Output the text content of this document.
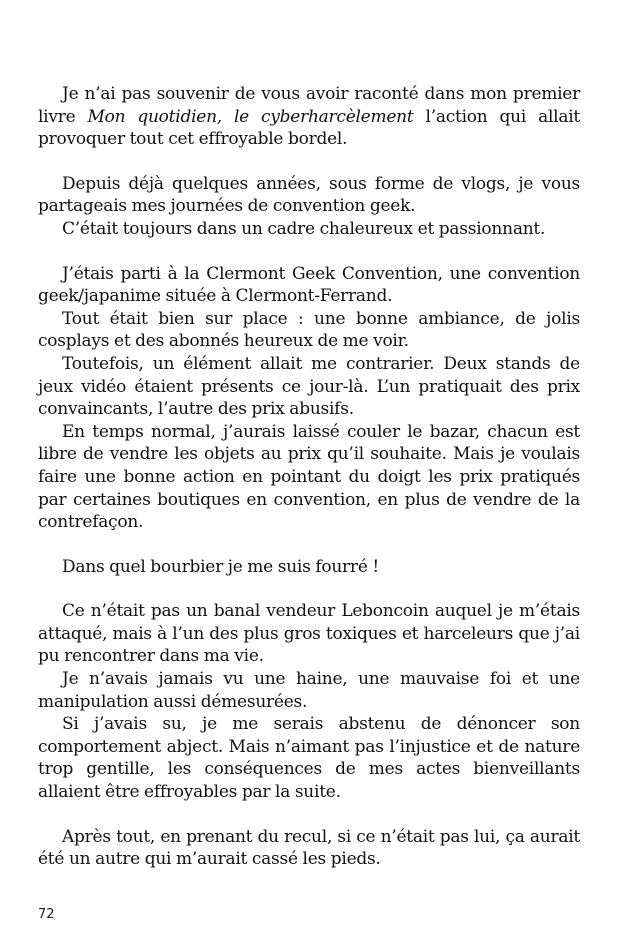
Je n’ai pas souvenir de vous avoir raconté dans mon premier livre Mon quotidien, le cyberharcèlement l’action qui allait provoquer tout cet effroyable bordel.

Depuis déjà quelques années, sous forme de vlogs, je vous partageais mes journées de convention geek.

C’était toujours dans un cadre chaleureux et passionnant.

J’étais parti à la Clermont Geek Convention, une convention geek/japanime située à Clermont-Ferrand.

Tout était bien sur place : une bonne ambiance, de jolis cosplays et des abonnés heureux de me voir.

Toutefois, un élément allait me contrarier. Deux stands de jeux vidéo étaient présents ce jour-là. L’un pratiquait des prix convaincants, l’autre des prix abusifs.

En temps normal, j’aurais laissé couler le bazar, chacun est libre de vendre les objets au prix qu’il souhaite. Mais je voulais faire une bonne action en pointant du doigt les prix pratiqués par certaines boutiques en convention, en plus de vendre de la contrefaçon.

Dans quel bourbier je me suis fourré !

Ce n’était pas un banal vendeur Leboncoin auquel je m’étais attaqué, mais à l’un des plus gros toxiques et harceleurs que j’ai pu rencontrer dans ma vie.

Je n’avais jamais vu une haine, une mauvaise foi et une manipulation aussi démesurées.

Si j’avais su, je me serais abstenu de dénoncer son comportement abject. Mais n’aimant pas l’injustice et de nature trop gentille, les conséquences de mes actes bienveillants allaient être effroyables par la suite.

Après tout, en prenant du recul, si ce n’était pas lui, ça aurait été un autre qui m’aurait cassé les pieds.

72
